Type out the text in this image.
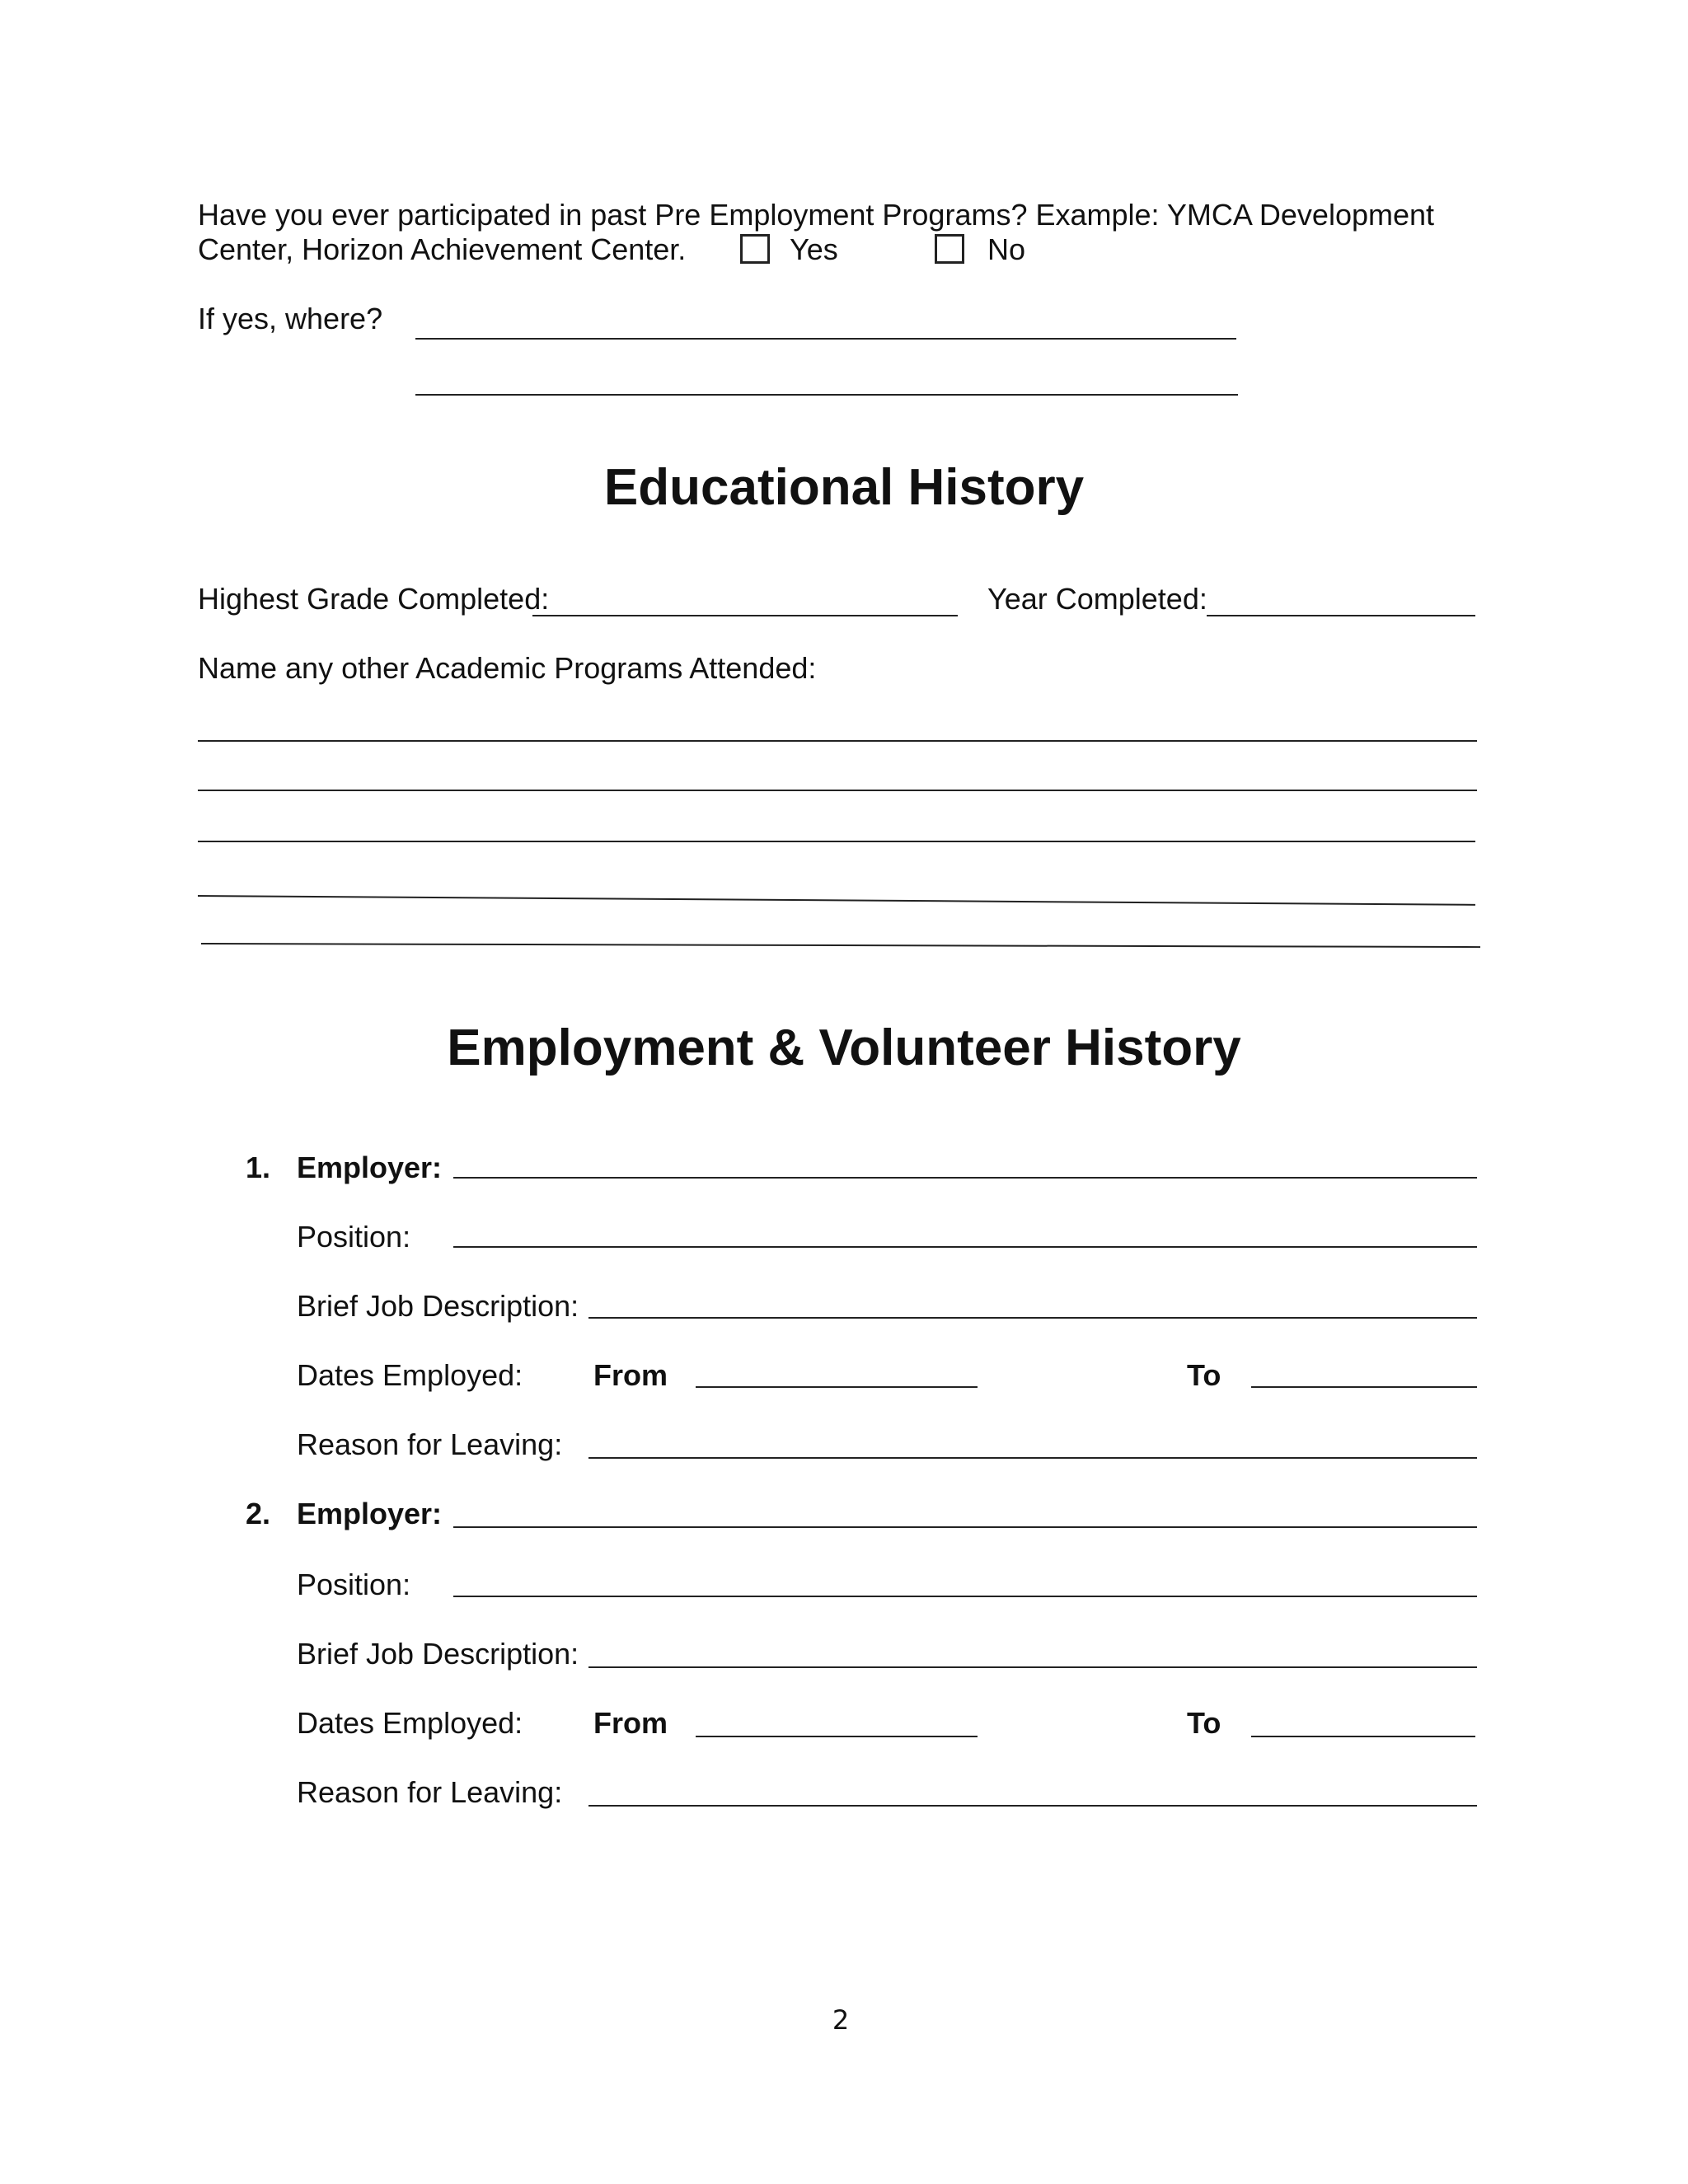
Have you ever participated in past Pre Employment Programs? Example: YMCA Development
Center, Horizon Achievement Center.	Yes	No
If yes, where?
Educational History
Highest Grade Completed:	Year Completed:
Name any other Academic Programs Attended:
Employment & Volunteer History
1. Employer:
Position:
Brief Job Description:
Dates Employed: From	To
Reason for Leaving:
2. Employer:
Position:
Brief Job Description:
Dates Employed: From	To
Reason for Leaving:
2
